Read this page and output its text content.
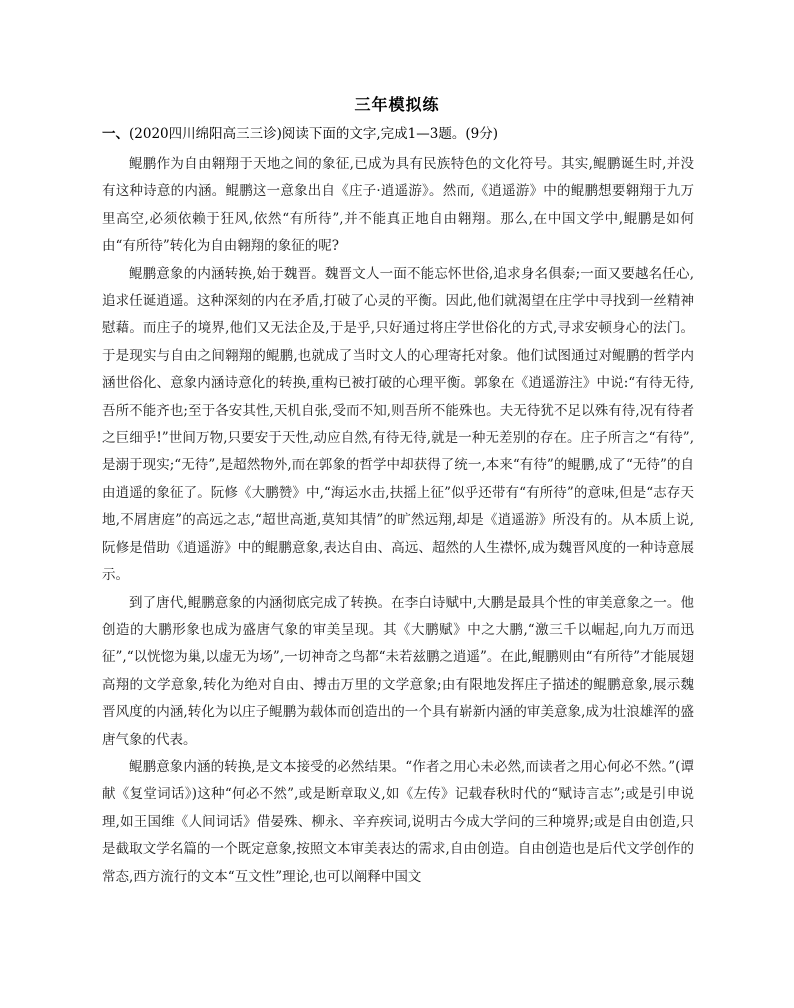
三年模拟练
一、(2020四川绵阳高三三诊)阅读下面的文字,完成1—3题。(9分)

鲲鹏作为自由翱翔于天地之间的象征,已成为具有民族特色的文化符号。其实,鲲鹏诞生时,并没有这种诗意的内涵。鲲鹏这一意象出自《庄子·逍遥游》。然而,《逍遥游》中的鲲鹏想要翱翔于九万里高空,必须依赖于狂风,依然“有所待”,并不能真正地自由翱翔。那么,在中国文学中,鲲鹏是如何由“有所待”转化为自由翱翔的象征的呢?

鲲鹏意象的内涵转换,始于魏晋。魏晋文人一面不能忘怀世俗,追求身名俱泰;一面又要越名任心,追求任诞逍遥。这种深刻的内在矛盾,打破了心灵的平衡。因此,他们就渴望在庄学中寻找到一丝精神慰藉。而庄子的境界,他们又无法企及,于是乎,只好通过将庄学世俗化的方式,寻求安顿身心的法门。于是现实与自由之间翱翔的鲲鹏,也就成了当时文人的心理寄托对象。他们试图通过对鲲鹏的哲学内涵世俗化、意象内涵诗意化的转换,重构已被打破的心理平衡。郭象在《逍遥游注》中说:“有待无待,吾所不能齐也;至于各安其性,天机自张,受而不知,则吾所不能殊也。夫无待犹不足以殊有待,况有待者之巨细乎!”世间万物,只要安于天性,动应自然,有待无待,就是一种无差别的存在。庄子所言之“有待”,是溺于现实;“无待”,是超然物外,而在郭象的哲学中却获得了统一,本来“有待”的鲲鹏,成了“无待”的自由逍遥的象征了。阮修《大鹏赞》中,“海运水击,扶摇上征”似乎还带有“有所待”的意味,但是“志存天地,不屑唐庭”的高远之志,“超世高逝,莫知其情”的旷然远翔,却是《逍遥游》所没有的。从本质上说,阮修是借助《逍遥游》中的鲲鹏意象,表达自由、高远、超然的人生襟怀,成为魏晋风度的一种诗意展示。

到了唐代,鲲鹏意象的内涵彻底完成了转换。在李白诗赋中,大鹏是最具个性的审美意象之一。他创造的大鹏形象也成为盛唐气象的审美呈现。其《大鹏赋》中之大鹏,“激三千以崛起,向九万而迅征”,“以恍惚为巢,以虚无为场”,一切神奇之鸟都“未若兹鹏之逍遥”。在此,鲲鹏则由“有所待”才能展翅高翔的文学意象,转化为绝对自由、搏击万里的文学意象;由有限地发挥庄子描述的鲲鹏意象,展示魏晋风度的内涵,转化为以庄子鲲鹏为载体而创造出的一个具有崭新内涵的审美意象,成为壮浪雄浑的盛唐气象的代表。

鲲鹏意象内涵的转换,是文本接受的必然结果。“作者之用心未必然,而读者之用心何必不然。”(谭献《复堂词话》)这种“何必不然”,或是断章取义,如《左传》记载春秋时代的“赋诗言志”;或是引申说理,如王国维《人间词话》借晏殊、柳永、辛弃疾词,说明古今成大学问的三种境界;或是自由创造,只是截取文学名篇的一个既定意象,按照文本审美表达的需求,自由创造。自由创造也是后代文学创作的常态,西方流行的文本“互文性”理论,也可以阐释中国文
